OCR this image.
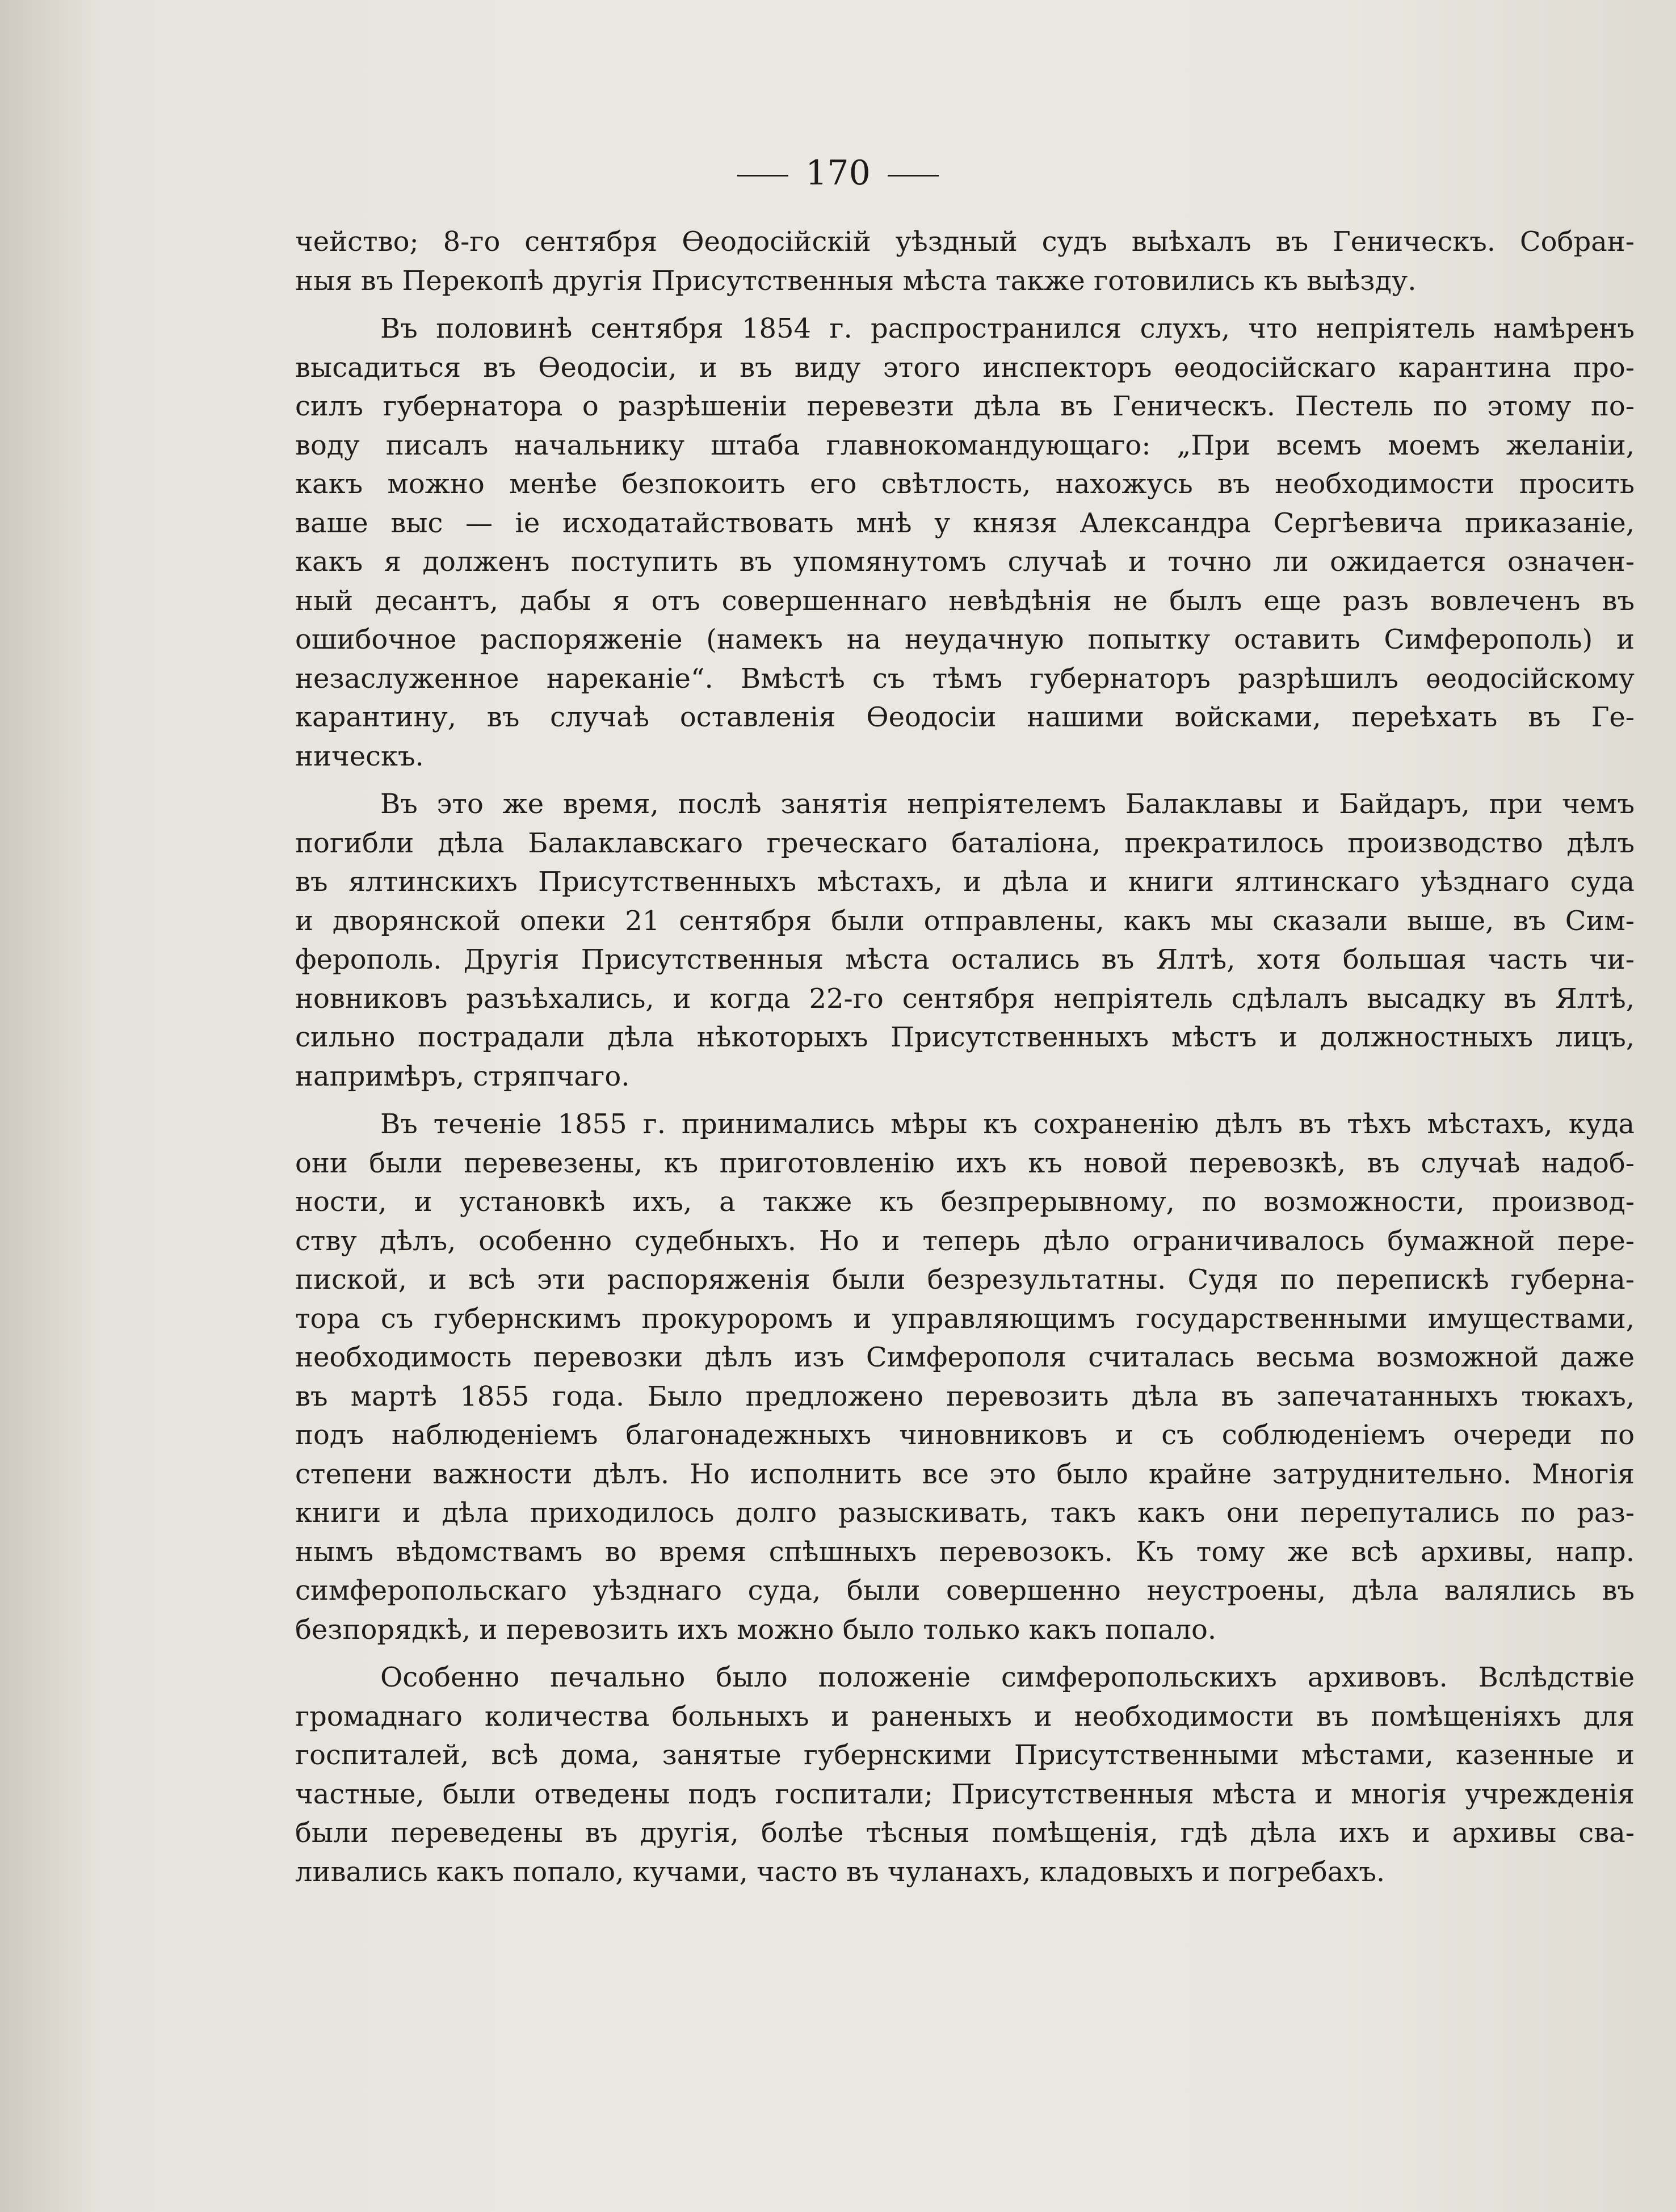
170
чейство; 8-го сентября Ѳеодосійскій уѣздный судъ выѣхалъ въ Геническъ. Собран-
ныя въ Перекопѣ другія Присутственныя мѣста также готовились къ выѣзду.
Въ половинѣ сентября 1854 г. распространился слухъ, что непріятель намѣренъ
высадиться въ Ѳеодосіи, и въ виду этого инспекторъ ѳеодосійскаго карантина про-
силъ губернатора о разрѣшеніи перевезти дѣла въ Геническъ. Пестель по этому по-
воду писалъ начальнику штаба главнокомандующаго: „При всемъ моемъ желаніи,
какъ можно менѣе безпокоить его свѣтлость, нахожусь въ необходимости просить
ваше выс — іе исходатайствовать мнѣ у князя Александра Сергѣевича приказаніе,
какъ я долженъ поступить въ упомянутомъ случаѣ и точно ли ожидается означен-
ный десантъ, дабы я отъ совершеннаго невѣдѣнія не былъ еще разъ вовлеченъ въ
ошибочное распоряженіе (намекъ на неудачную попытку оставить Симферополь) и
незаслуженное нареканіе“. Вмѣстѣ съ тѣмъ губернаторъ разрѣшилъ ѳеодосійскому
карантину, въ случаѣ оставленія Ѳеодосіи нашими войсками, переѣхать въ Ге-
ническъ.
Въ это же время, послѣ занятія непріятелемъ Балаклавы и Байдаръ, при чемъ
погибли дѣла Балаклавскаго греческаго баталіона, прекратилось производство дѣлъ
въ ялтинскихъ Присутственныхъ мѣстахъ, и дѣла и книги ялтинскаго уѣзднаго суда
и дворянской опеки 21 сентября были отправлены, какъ мы сказали выше, въ Сим-
ферополь. Другія Присутственныя мѣста остались въ Ялтѣ, хотя большая часть чи-
новниковъ разъѣхались, и когда 22-го сентября непріятель сдѣлалъ высадку въ Ялтѣ,
сильно пострадали дѣла нѣкоторыхъ Присутственныхъ мѣстъ и должностныхъ лицъ,
напримѣръ, стряпчаго.
Въ теченіе 1855 г. принимались мѣры къ сохраненію дѣлъ въ тѣхъ мѣстахъ, куда
они были перевезены, къ приготовленію ихъ къ новой перевозкѣ, въ случаѣ надоб-
ности, и установкѣ ихъ, а также къ безпрерывному, по возможности, производ-
ству дѣлъ, особенно судебныхъ. Но и теперь дѣло ограничивалось бумажной пере-
пиской, и всѣ эти распоряженія были безрезультатны. Судя по перепискѣ губерна-
тора съ губернскимъ прокуроромъ и управляющимъ государственными имуществами,
необходимость перевозки дѣлъ изъ Симферополя считалась весьма возможной даже
въ мартѣ 1855 года. Было предложено перевозить дѣла въ запечатанныхъ тюкахъ,
подъ наблюденіемъ благонадежныхъ чиновниковъ и съ соблюденіемъ очереди по
степени важности дѣлъ. Но исполнить все это было крайне затруднительно. Многія
книги и дѣла приходилось долго разыскивать, такъ какъ они перепутались по раз-
нымъ вѣдомствамъ во время спѣшныхъ перевозокъ. Къ тому же всѣ архивы, напр.
симферопольскаго уѣзднаго суда, были совершенно неустроены, дѣла валялись въ
безпорядкѣ, и перевозить ихъ можно было только какъ попало.
Особенно печально было положеніе симферопольскихъ архивовъ. Вслѣдствіе
громаднаго количества больныхъ и раненыхъ и необходимости въ помѣщеніяхъ для
госпиталей, всѣ дома, занятые губернскими Присутственными мѣстами, казенные и
частные, были отведены подъ госпитали; Присутственныя мѣста и многія учрежденія
были переведены въ другія, болѣе тѣсныя помѣщенія, гдѣ дѣла ихъ и архивы сва-
ливались какъ попало, кучами, часто въ чуланахъ, кладовыхъ и погребахъ.
